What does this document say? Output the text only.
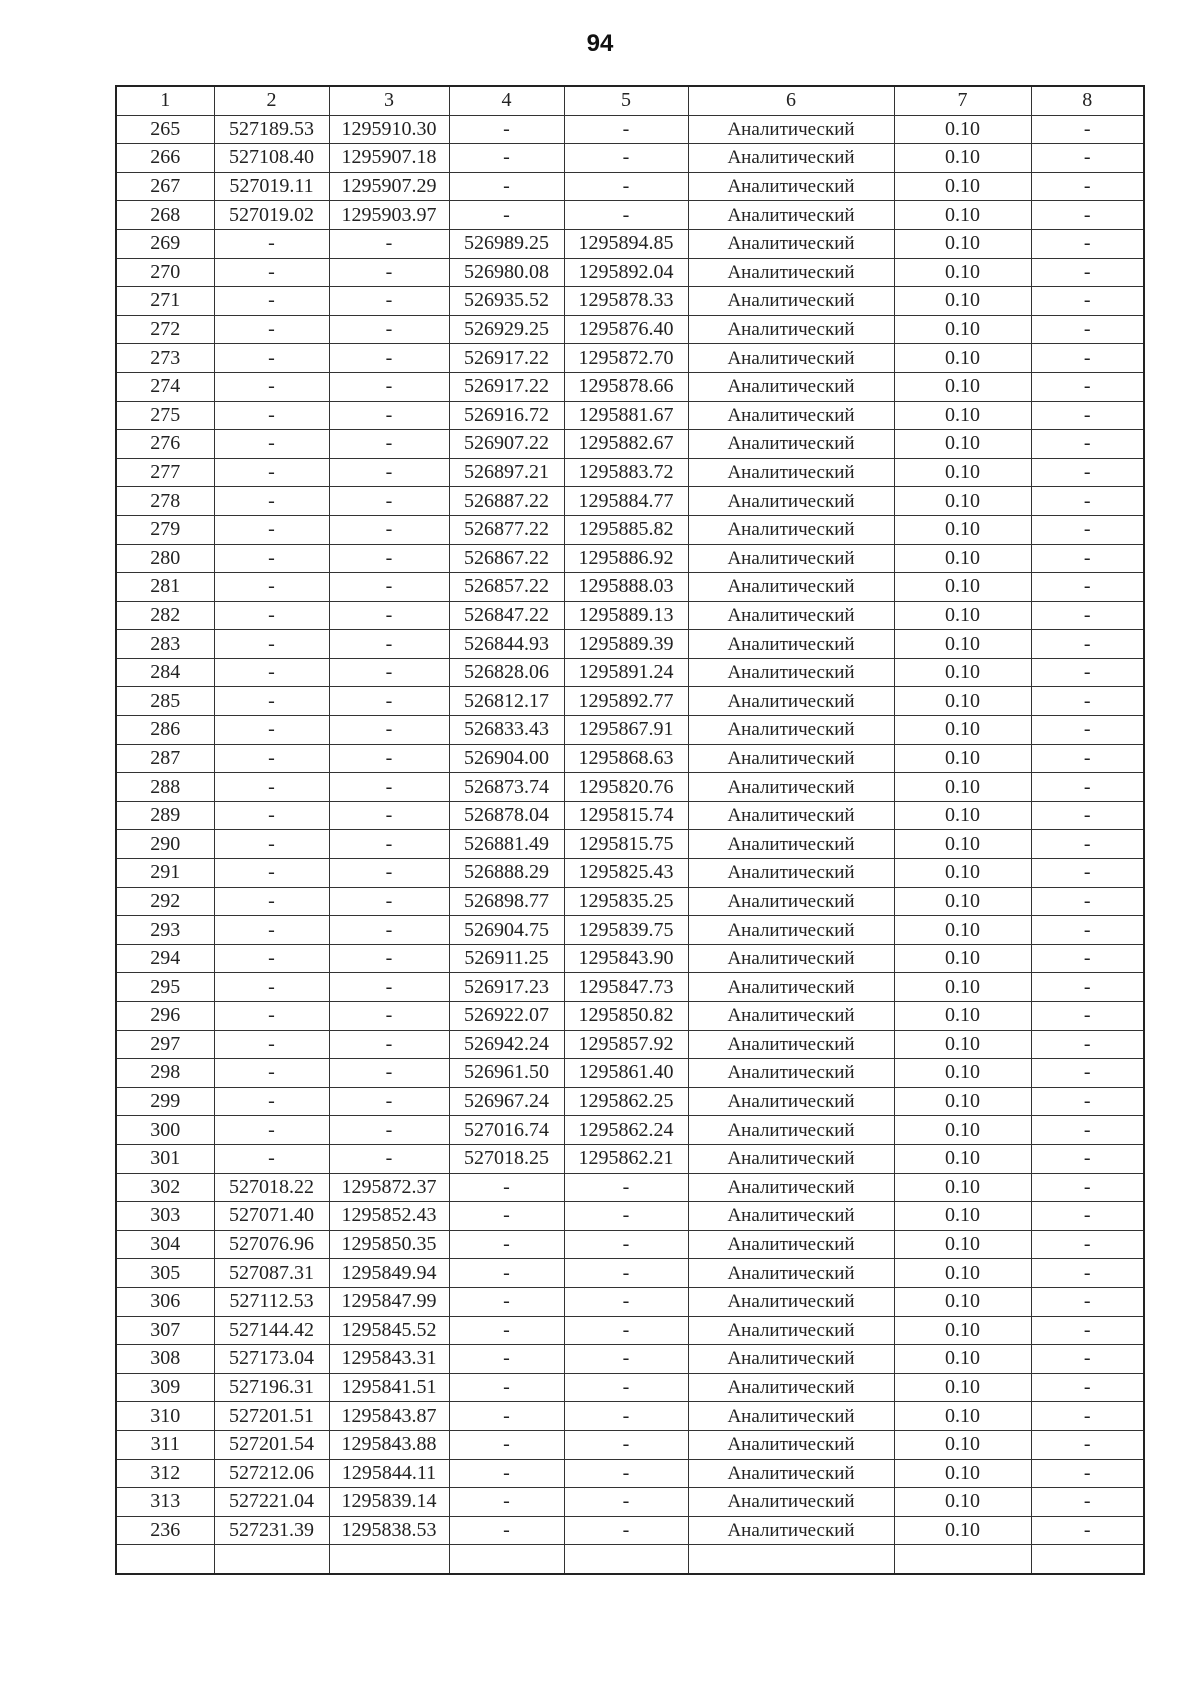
94
1	2	3	4	5	6	7	8
265	527189.53	1295910.30	-	-	Аналитический	0.10	-
266	527108.40	1295907.18	-	-	Аналитический	0.10	-
267	527019.11	1295907.29	-	-	Аналитический	0.10	-
268	527019.02	1295903.97	-	-	Аналитический	0.10	-
269	-	-	526989.25	1295894.85	Аналитический	0.10	-
270	-	-	526980.08	1295892.04	Аналитический	0.10	-
271	-	-	526935.52	1295878.33	Аналитический	0.10	-
272	-	-	526929.25	1295876.40	Аналитический	0.10	-
273	-	-	526917.22	1295872.70	Аналитический	0.10	-
274	-	-	526917.22	1295878.66	Аналитический	0.10	-
275	-	-	526916.72	1295881.67	Аналитический	0.10	-
276	-	-	526907.22	1295882.67	Аналитический	0.10	-
277	-	-	526897.21	1295883.72	Аналитический	0.10	-
278	-	-	526887.22	1295884.77	Аналитический	0.10	-
279	-	-	526877.22	1295885.82	Аналитический	0.10	-
280	-	-	526867.22	1295886.92	Аналитический	0.10	-
281	-	-	526857.22	1295888.03	Аналитический	0.10	-
282	-	-	526847.22	1295889.13	Аналитический	0.10	-
283	-	-	526844.93	1295889.39	Аналитический	0.10	-
284	-	-	526828.06	1295891.24	Аналитический	0.10	-
285	-	-	526812.17	1295892.77	Аналитический	0.10	-
286	-	-	526833.43	1295867.91	Аналитический	0.10	-
287	-	-	526904.00	1295868.63	Аналитический	0.10	-
288	-	-	526873.74	1295820.76	Аналитический	0.10	-
289	-	-	526878.04	1295815.74	Аналитический	0.10	-
290	-	-	526881.49	1295815.75	Аналитический	0.10	-
291	-	-	526888.29	1295825.43	Аналитический	0.10	-
292	-	-	526898.77	1295835.25	Аналитический	0.10	-
293	-	-	526904.75	1295839.75	Аналитический	0.10	-
294	-	-	526911.25	1295843.90	Аналитический	0.10	-
295	-	-	526917.23	1295847.73	Аналитический	0.10	-
296	-	-	526922.07	1295850.82	Аналитический	0.10	-
297	-	-	526942.24	1295857.92	Аналитический	0.10	-
298	-	-	526961.50	1295861.40	Аналитический	0.10	-
299	-	-	526967.24	1295862.25	Аналитический	0.10	-
300	-	-	527016.74	1295862.24	Аналитический	0.10	-
301	-	-	527018.25	1295862.21	Аналитический	0.10	-
302	527018.22	1295872.37	-	-	Аналитический	0.10	-
303	527071.40	1295852.43	-	-	Аналитический	0.10	-
304	527076.96	1295850.35	-	-	Аналитический	0.10	-
305	527087.31	1295849.94	-	-	Аналитический	0.10	-
306	527112.53	1295847.99	-	-	Аналитический	0.10	-
307	527144.42	1295845.52	-	-	Аналитический	0.10	-
308	527173.04	1295843.31	-	-	Аналитический	0.10	-
309	527196.31	1295841.51	-	-	Аналитический	0.10	-
310	527201.51	1295843.87	-	-	Аналитический	0.10	-
311	527201.54	1295843.88	-	-	Аналитический	0.10	-
312	527212.06	1295844.11	-	-	Аналитический	0.10	-
313	527221.04	1295839.14	-	-	Аналитический	0.10	-
236	527231.39	1295838.53	-	-	Аналитический	0.10	-
